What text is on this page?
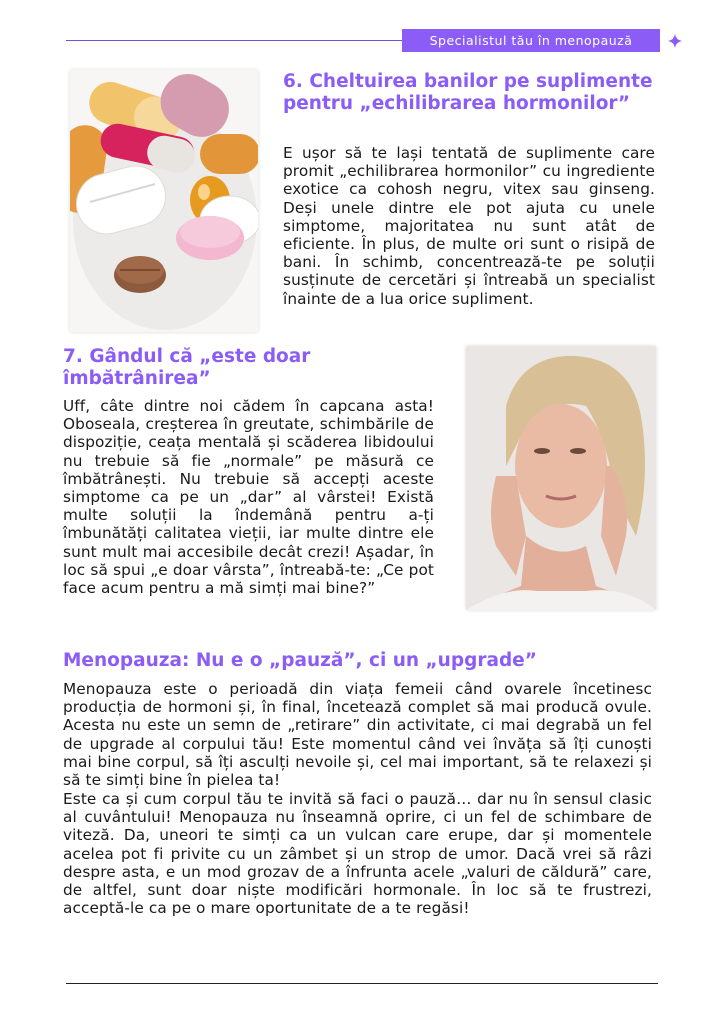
Specialistul tău în menopauză
6. Cheltuirea banilor pe suplimente pentru „echilibrarea hormonilor”
E ușor să te lași tentată de suplimente care promit „echilibrarea hormonilor” cu ingrediente exotice ca cohosh negru, vitex sau ginseng. Deși unele dintre ele pot ajuta cu unele simptome, majoritatea nu sunt atât de eficiente. În plus, de multe ori sunt o risipă de bani. În schimb, concentrează-te pe soluții susținute de cercetări și întreabă un specialist înainte de a lua orice supliment.
7. Gândul că „este doar îmbătrânirea”
Uff, câte dintre noi cădem în capcana asta! Oboseala, creșterea în greutate, schimbările de dispoziție, ceața mentală și scăderea libidoului nu trebuie să fie „normale” pe măsură ce îmbătrânești. Nu trebuie să accepți aceste simptome ca pe un „dar” al vârstei! Există multe soluții la îndemână pentru a-ți îmbunătăți calitatea vieții, iar multe dintre ele sunt mult mai accesibile decât crezi! Așadar, în loc să spui „e doar vârsta”, întreabă-te: „Ce pot face acum pentru a mă simți mai bine?”
Menopauza: Nu e o „pauză”, ci un „upgrade”
Menopauza este o perioadă din viața femeii când ovarele încetinesc producția de hormoni și, în final, încetează complet să mai producă ovule. Acesta nu este un semn de „retirare” din activitate, ci mai degrabă un fel de upgrade al corpului tău! Este momentul când vei învăța să îți cunoști mai bine corpul, să îți asculți nevoile și, cel mai important, să te relaxezi și să te simți bine în pielea ta!
Este ca și cum corpul tău te invită să faci o pauză… dar nu în sensul clasic al cuvântului! Menopauza nu înseamnă oprire, ci un fel de schimbare de viteză. Da, uneori te simți ca un vulcan care erupe, dar și momentele acelea pot fi privite cu un zâmbet și un strop de umor. Dacă vrei să râzi despre asta, e un mod grozav de a înfrunta acele „valuri de căldură” care, de altfel, sunt doar niște modificări hormonale. În loc să te frustrezi, acceptă-le ca pe o mare oportunitate de a te regăsi!
